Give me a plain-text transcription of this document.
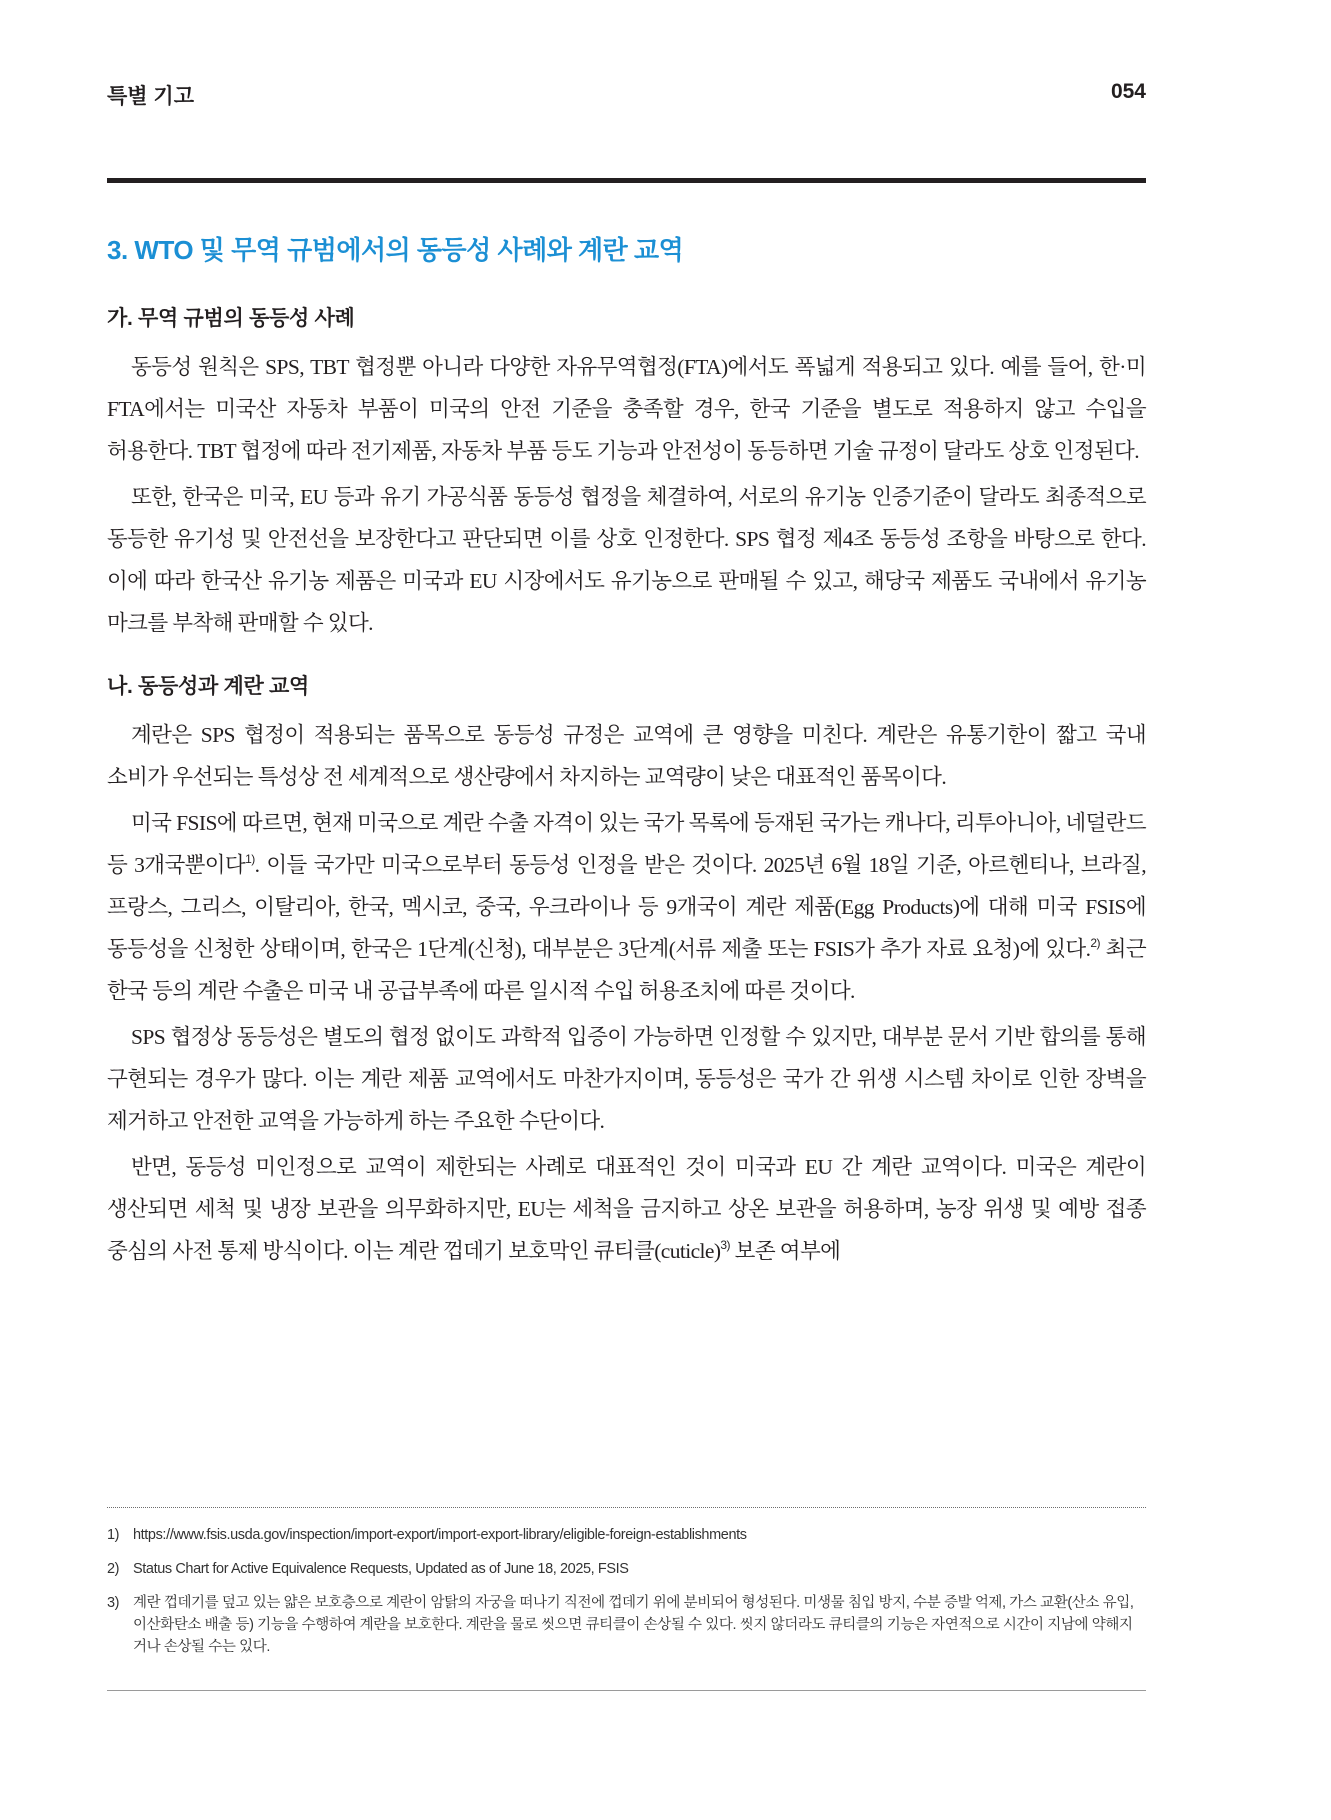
특별 기고	054
3. WTO 및 무역 규범에서의 동등성 사례와 계란 교역
가. 무역 규범의 동등성 사례

동등성 원칙은 SPS, TBT 협정뿐 아니라 다양한 자유무역협정(FTA)에서도 폭넓게 적용되고 있다. 예를 들어, 한·미 FTA에서는 미국산 자동차 부품이 미국의 안전 기준을 충족할 경우, 한국 기준을 별도로 적용하지 않고 수입을 허용한다. TBT 협정에 따라 전기제품, 자동차 부품 등도 기능과 안전성이 동등하면 기술 규정이 달라도 상호 인정된다.

또한, 한국은 미국, EU 등과 유기 가공식품 동등성 협정을 체결하여, 서로의 유기농 인증기준이 달라도 최종적으로 동등한 유기성 및 안전선을 보장한다고 판단되면 이를 상호 인정한다. SPS 협정 제4조 동등성 조항을 바탕으로 한다. 이에 따라 한국산 유기농 제품은 미국과 EU 시장에서도 유기농으로 판매될 수 있고, 해당국 제품도 국내에서 유기농 마크를 부착해 판매할 수 있다.

나. 동등성과 계란 교역

계란은 SPS 협정이 적용되는 품목으로 동등성 규정은 교역에 큰 영향을 미친다. 계란은 유통기한이 짧고 국내 소비가 우선되는 특성상 전 세계적으로 생산량에서 차지하는 교역량이 낮은 대표적인 품목이다.

미국 FSIS에 따르면, 현재 미국으로 계란 수출 자격이 있는 국가 목록에 등재된 국가는 캐나다, 리투아니아, 네덜란드 등 3개국뿐이다$^{1)}$. 이들 국가만 미국으로부터 동등성 인정을 받은 것이다. 2025년 6월 18일 기준, 아르헨티나, 브라질, 프랑스, 그리스, 이탈리아, 한국, 멕시코, 중국, 우크라이나 등 9개국이 계란 제품(Egg Products)에 대해 미국 FSIS에 동등성을 신청한 상태이며, 한국은 1단계(신청), 대부분은 3단계(서류 제출 또는 FSIS가 추가 자료 요청)에 있다.$^{2)}$ 최근 한국 등의 계란 수출은 미국 내 공급부족에 따른 일시적 수입 허용조치에 따른 것이다.

SPS 협정상 동등성은 별도의 협정 없이도 과학적 입증이 가능하면 인정할 수 있지만, 대부분 문서 기반 합의를 통해 구현되는 경우가 많다. 이는 계란 제품 교역에서도 마찬가지이며, 동등성은 국가 간 위생 시스템 차이로 인한 장벽을 제거하고 안전한 교역을 가능하게 하는 주요한 수단이다.

반면, 동등성 미인정으로 교역이 제한되는 사례로 대표적인 것이 미국과 EU 간 계란 교역이다. 미국은 계란이 생산되면 세척 및 냉장 보관을 의무화하지만, EU는 세척을 금지하고 상온 보관을 허용하며, 농장 위생 및 예방 접종 중심의 사전 통제 방식이다. 이는 계란 껍데기 보호막인 큐티클(cuticle)$^{3)}$ 보존 여부에

1) https://www.fsis.usda.gov/inspection/import-export/import-export-library/eligible-foreign-establishments
2) Status Chart for Active Equivalence Requests, Updated as of June 18, 2025, FSIS
3) 계란 껍데기를 덮고 있는 얇은 보호층으로 계란이 암탉의 자궁을 떠나기 직전에 껍데기 위에 분비되어 형성된다. 미생물 침입 방지, 수분 증발 억제, 가스 교환(산소 유입, 이산화탄소 배출 등) 기능을 수행하여 계란을 보호한다. 계란을 물로 씻으면 큐티클이 손상될 수 있다. 씻지 않더라도 큐티클의 기능은 자연적으로 시간이 지남에 약해지거나 손상될 수는 있다.
